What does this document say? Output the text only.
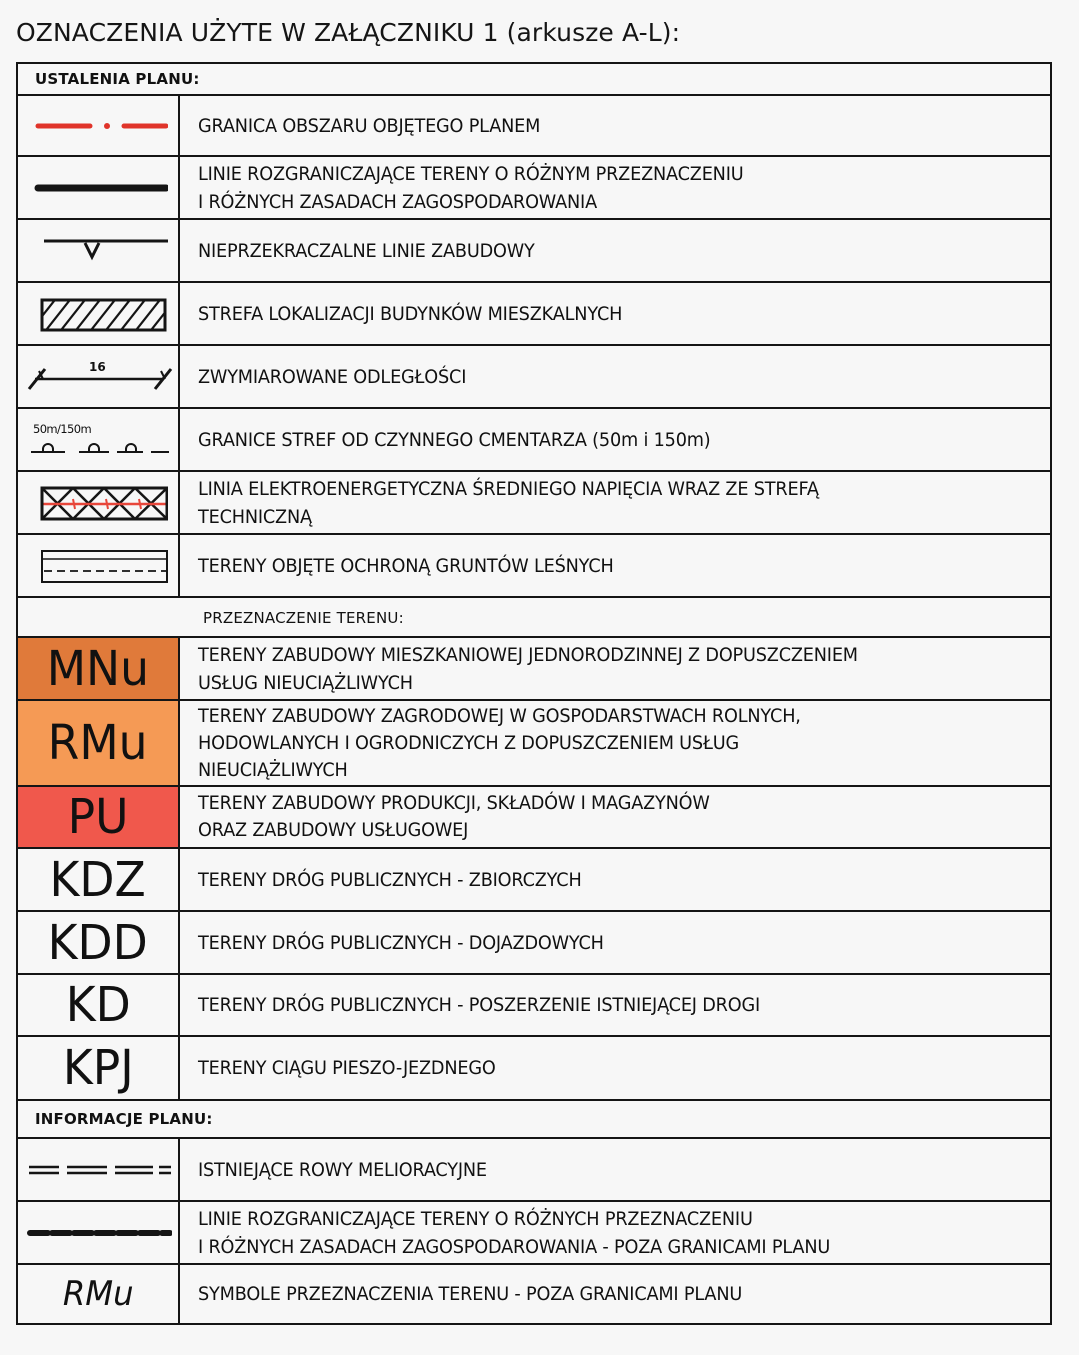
OZNACZENIA UŻYTE W ZAŁĄCZNIKU 1 (arkusze A-L):
USTALENIA PLANU:	

GRANICA OBSZARU OBJĘTEGO PLANEM

LINIE ROZGRANICZAJĄCE TERENY O RÓŻNYM PRZEZNACZENIU
I RÓŻNYCH ZASADACH ZAGOSPODAROWANIA

NIEPRZEKRACZALNE LINIE ZABUDOWY

STREFA LOKALIZACJI BUDYNKÓW MIESZKALNYCH

16	ZWYMIAROWANE ODLEGŁOŚCI

50m/150m	GRANICE STREF OD CZYNNEGO CMENTARZA (50m i 150m)

LINIA ELEKTROENERGETYCZNA ŚREDNIEGO NAPIĘCIA WRAZ ZE STREFĄ
TECHNICZNĄ

TERENY OBJĘTE OCHRONĄ GRUNTÓW LEŚNYCH

PRZEZNACZENIE TERENU:	
MNu	TERENY ZABUDOWY MIESZKANIOWEJ JEDNORODZINNEJ Z DOPUSZCZENIEM
USŁUG NIEUCIĄŻLIWYCH

RMu	TERENY ZABUDOWY ZAGRODOWEJ W GOSPODARSTWACH ROLNYCH,
HODOWLANYCH I OGRODNICZYCH Z DOPUSZCZENIEM USŁUG
NIEUCIĄŻLIWYCH

PU	TERENY ZABUDOWY PRODUKCJI, SKŁADÓW I MAGAZYNÓW
ORAZ ZABUDOWY USŁUGOWEJ

KDZ	TERENY DRÓG PUBLICZNYCH - ZBIORCZYCH

KDD	TERENY DRÓG PUBLICZNYCH - DOJAZDOWYCH

KD	TERENY DRÓG PUBLICZNYCH - POSZERZENIE ISTNIEJĄCEJ DROGI

KPJ	TERENY CIĄGU PIESZO-JEZDNEGO

INFORMACJE PLANU:	

ISTNIEJĄCE ROWY MELIORACYJNE

LINIE ROZGRANICZAJĄCE TERENY O RÓŻNYCH PRZEZNACZENIU
I RÓŻNYCH ZASADACH ZAGOSPODAROWANIA - POZA GRANICAMI PLANU

RMu	SYMBOLE PRZEZNACZENIA TERENU - POZA GRANICAMI PLANU
